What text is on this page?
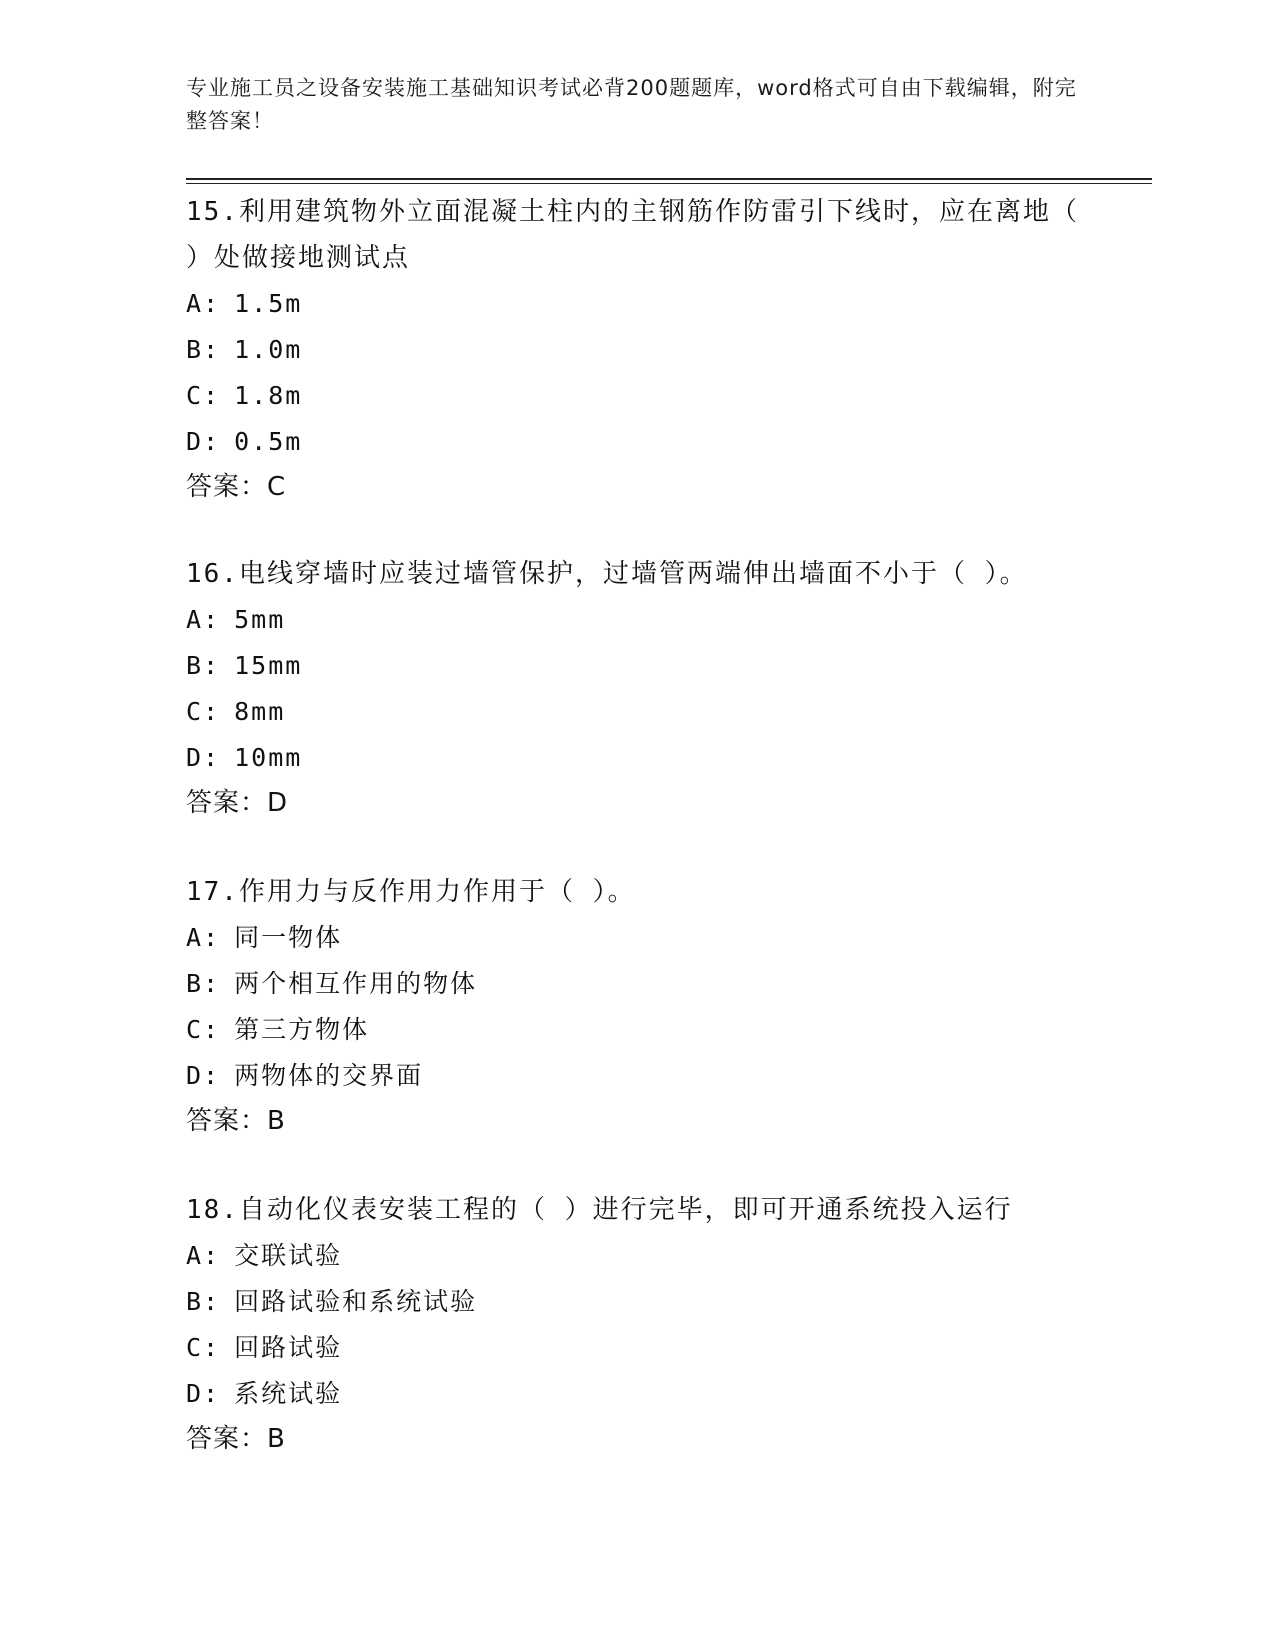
专业施工员之设备安装施工基础知识考试必背200题题库，word格式可自由下载编辑，附完整答案！

15.利用建筑物外立面混凝土柱内的主钢筋作防雷引下线时，应在离地（ ）处做接地测试点

A: 1.5m
B: 1.0m
C: 1.8m
D: 0.5m
答案：C

16.电线穿墙时应装过墙管保护，过墙管两端伸出墙面不小于（ ）。

A: 5mm
B: 15mm
C: 8mm
D: 10mm
答案：D

17.作用力与反作用力作用于（ ）。

A: 同一物体
B: 两个相互作用的物体
C: 第三方物体
D: 两物体的交界面
答案：B

18.自动化仪表安装工程的（ ）进行完毕，即可开通系统投入运行

A: 交联试验
B: 回路试验和系统试验
C: 回路试验
D: 系统试验
答案：B
